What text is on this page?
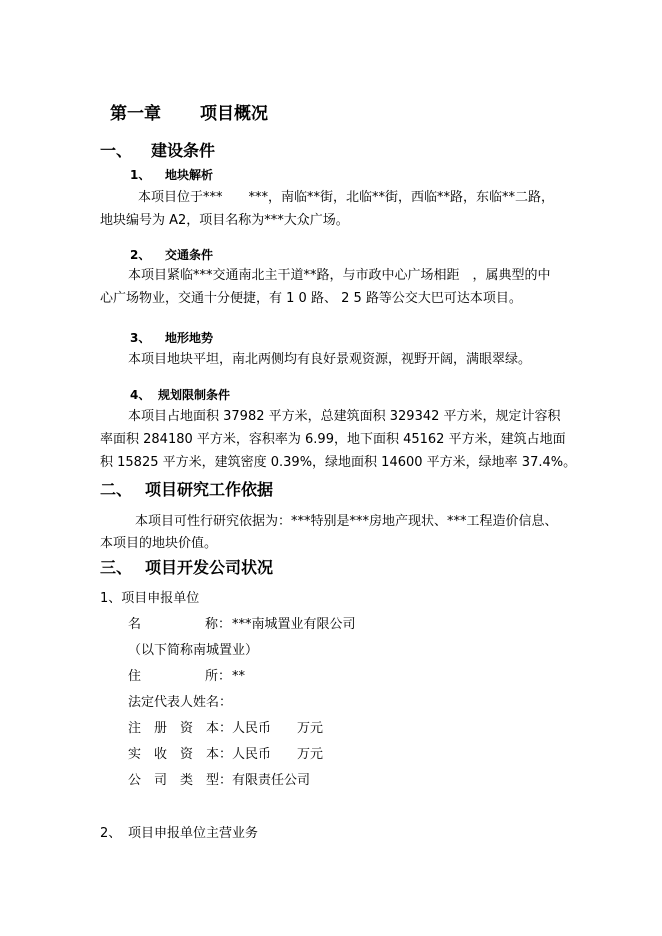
第一章 项目概况
一、 建设条件
1、 地块解析
本项目位于***　　***，南临**街，北临**街，西临**路，东临**二路，
地块编号为 A2，项目名称为***大众广场。
2、 交通条件
本项目紧临***交通南北主干道**路，与市政中心广场相距　，属典型的中
心广场物业，交通十分便捷，有 1 0 路、 2 5 路等公交大巴可达本项目。
3、 地形地势
本项目地块平坦，南北两侧均有良好景观资源，视野开阔，满眼翠绿。
4、 规划限制条件
本项目占地面积 37982 平方米，总建筑面积 329342 平方米，规定计容积
率面积 284180 平方米，容积率为 6.99，地下面积 45162 平方米，建筑占地面
积 15825 平方米，建筑密度 0.39%，绿地面积 14600 平方米，绿地率 37.4%。
二、 项目研究工作依据
本项目可性行研究依据为：***特别是***房地产现状、***工程造价信息、
本项目的地块价值。
三、 项目开发公司状况
1、项目申报单位
名	称： ***南城置业有限公司
（以下简称南城置业）
住	所： **
法定代表人姓名：
注　册　资　本： 人民币　　万元
实　收　资　本： 人民币　　万元
公　司　类　型： 有限责任公司
2、 项目申报单位主营业务
